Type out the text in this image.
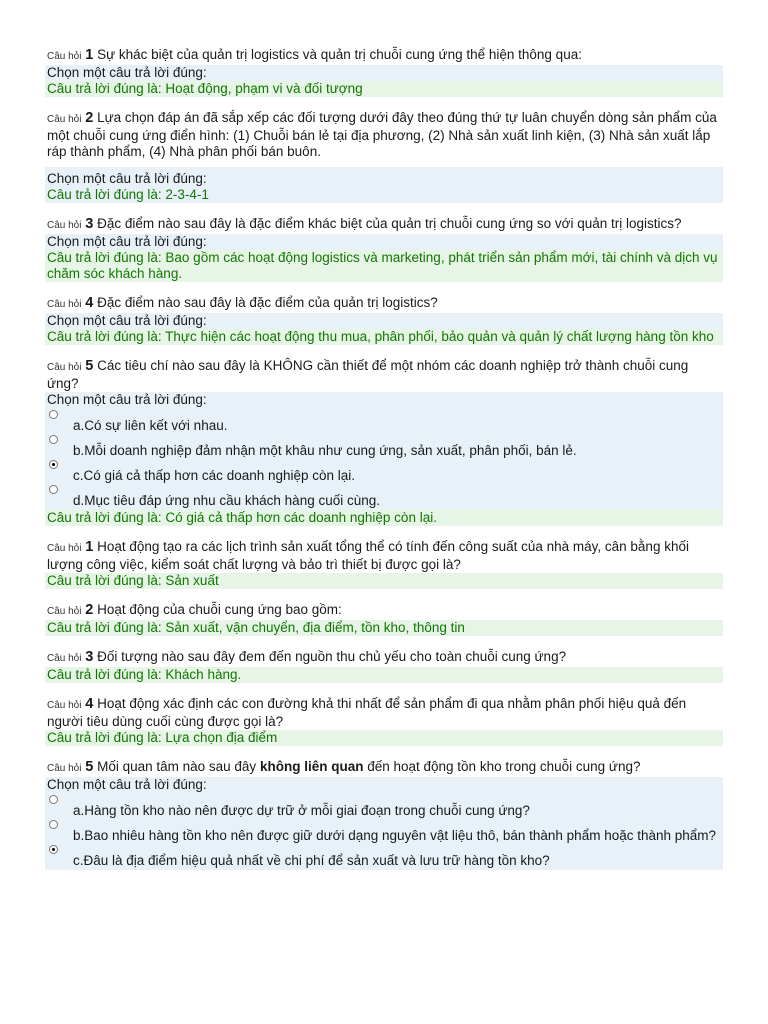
Câu hỏi 1 Sự khác biệt của quản trị logistics và quản trị chuỗi cung ứng thể hiện thông qua:
Chọn một câu trả lời đúng:
Câu trả lời đúng là: Hoạt động, phạm vi và đối tượng
Câu hỏi 2 Lựa chọn đáp án đã sắp xếp các đối tượng dưới đây theo đúng thứ tự luân chuyển dòng sản phẩm của một chuỗi cung ứng điển hình: (1) Chuỗi bán lẻ tại địa phương, (2) Nhà sản xuất linh kiện, (3) Nhà sản xuất lắp ráp thành phẩm, (4) Nhà phân phối bán buôn.
Chọn một câu trả lời đúng:
Câu trả lời đúng là: 2-3-4-1
Câu hỏi 3 Đặc điểm nào sau đây là đặc điểm khác biệt của quản trị chuỗi cung ứng so với quản trị logistics?
Chọn một câu trả lời đúng:
Câu trả lời đúng là: Bao gồm các hoạt động logistics và marketing, phát triển sản phẩm mới, tài chính và dịch vụ chăm sóc khách hàng.
Câu hỏi 4 Đặc điểm nào sau đây là đặc điểm của quản trị logistics?
Chọn một câu trả lời đúng:
Câu trả lời đúng là: Thực hiện các hoạt động thu mua, phân phối, bảo quản và quản lý chất lượng hàng tồn kho
Câu hỏi 5 Các tiêu chí nào sau đây là KHÔNG cần thiết để một nhóm các doanh nghiệp trở thành chuỗi cung ứng?
Chọn một câu trả lời đúng:
a.Có sự liên kết với nhau.
b.Mỗi doanh nghiệp đảm nhận một khâu như cung ứng, sản xuất, phân phối, bán lẻ.
c.Có giá cả thấp hơn các doanh nghiệp còn lại.
d.Mục tiêu đáp ứng nhu cầu khách hàng cuối cùng.
Câu trả lời đúng là: Có giá cả thấp hơn các doanh nghiệp còn lại.
Câu hỏi 1 Hoạt động tạo ra các lịch trình sản xuất tổng thể có tính đến công suất của nhà máy, cân bằng khối lượng công việc, kiểm soát chất lượng và bảo trì thiết bị được gọi là?
Câu trả lời đúng là: Sản xuất
Câu hỏi 2 Hoạt động của chuỗi cung ứng bao gồm:
Câu trả lời đúng là: Sản xuất, vận chuyển, địa điểm, tồn kho, thông tin
Câu hỏi 3 Đối tượng nào sau đây đem đến nguồn thu chủ yếu cho toàn chuỗi cung ứng?
Câu trả lời đúng là: Khách hàng.
Câu hỏi 4 Hoạt động xác định các con đường khả thi nhất để sản phẩm đi qua nhằm phân phối hiệu quả đến người tiêu dùng cuối cùng được gọi là?
Câu trả lời đúng là: Lựa chọn địa điểm
Câu hỏi 5 Mối quan tâm nào sau đây không liên quan đến hoạt động tồn kho trong chuỗi cung ứng?
Chọn một câu trả lời đúng:
a.Hàng tồn kho nào nên được dự trữ ở mỗi giai đoạn trong chuỗi cung ứng?
b.Bao nhiêu hàng tồn kho nên được giữ dưới dạng nguyên vật liệu thô, bán thành phẩm hoặc thành phẩm?
c.Đâu là địa điểm hiệu quả nhất về chi phí để sản xuất và lưu trữ hàng tồn kho?
